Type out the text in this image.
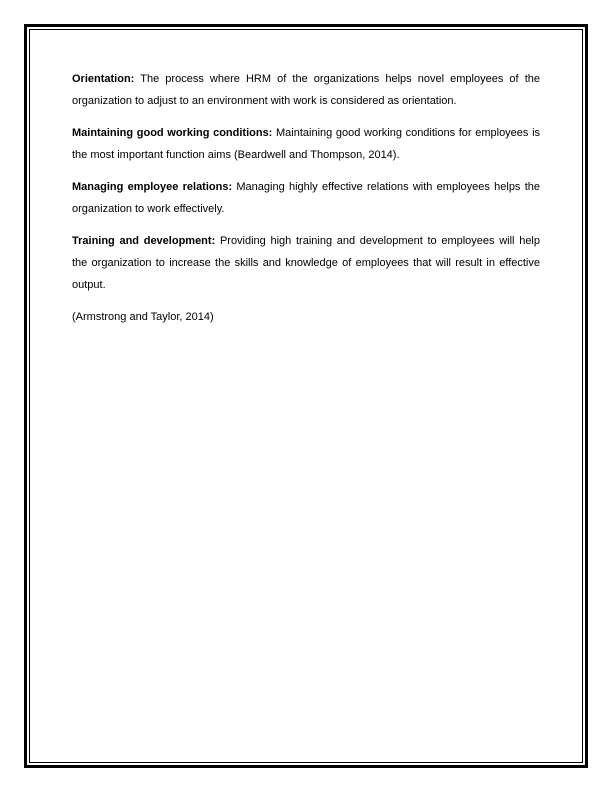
Orientation: The process where HRM of the organizations helps novel employees of the organization to adjust to an environment with work is considered as orientation.

Maintaining good working conditions: Maintaining good working conditions for employees is the most important function aims (Beardwell and Thompson, 2014).

Managing employee relations: Managing highly effective relations with employees helps the organization to work effectively.

Training and development: Providing high training and development to employees will help the organization to increase the skills and knowledge of employees that will result in effective output.

(Armstrong and Taylor, 2014)
